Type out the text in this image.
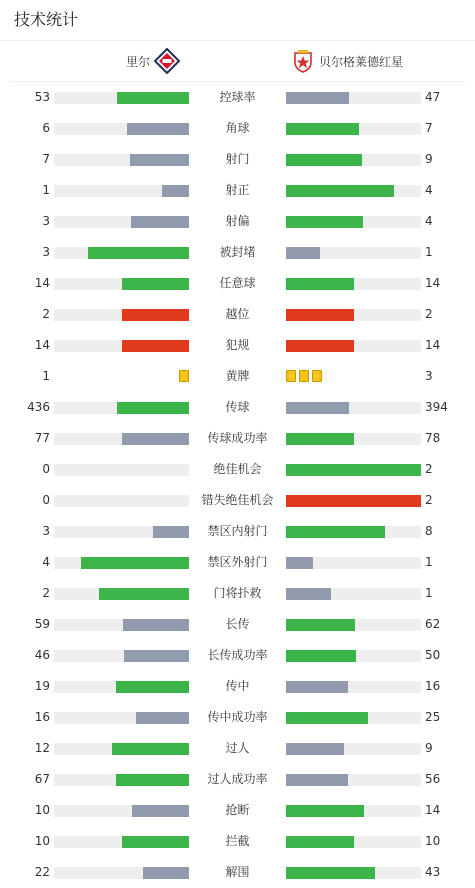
技术统计
里尔	贝尔格莱德红星
53	控球率	47
6	角球	7
7	射门	9
1	射正	4
3	射偏	4
3	被封堵	1
14	任意球	14
2	越位	2
14	犯规	14
1	黄牌	3
436	传球	394
77	传球成功率	78
0	绝佳机会	2
0	错失绝佳机会	2
3	禁区内射门	8
4	禁区外射门	1
2	门将扑救	1
59	长传	62
46	长传成功率	50
19	传中	16
16	传中成功率	25
12	过人	9
67	过人成功率	56
10	抢断	14
10	拦截	10
22	解围	43
